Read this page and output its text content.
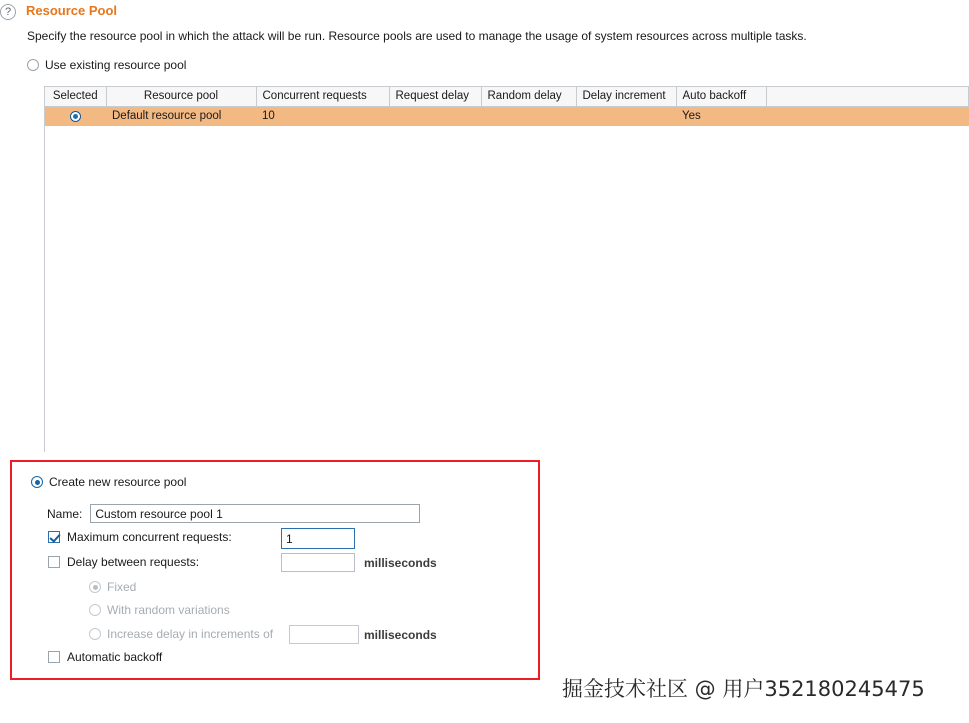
?	Resource Pool
Specify the resource pool in which the attack will be run. Resource pools are used to manage the usage of system resources across multiple tasks.
Use existing resource pool
Selected	Resource pool	Concurrent requests	Request delay	Random delay	Delay increment	Auto backoff	
	Default resource pool	10				Yes	
Create new resource pool
Name:
Custom resource pool 1
Maximum concurrent requests:
1
Delay between requests:	milliseconds
Fixed
With random variations
Increase delay in increments of	milliseconds
Automatic backoff
掘金技术社区 @ 用户352180245475
